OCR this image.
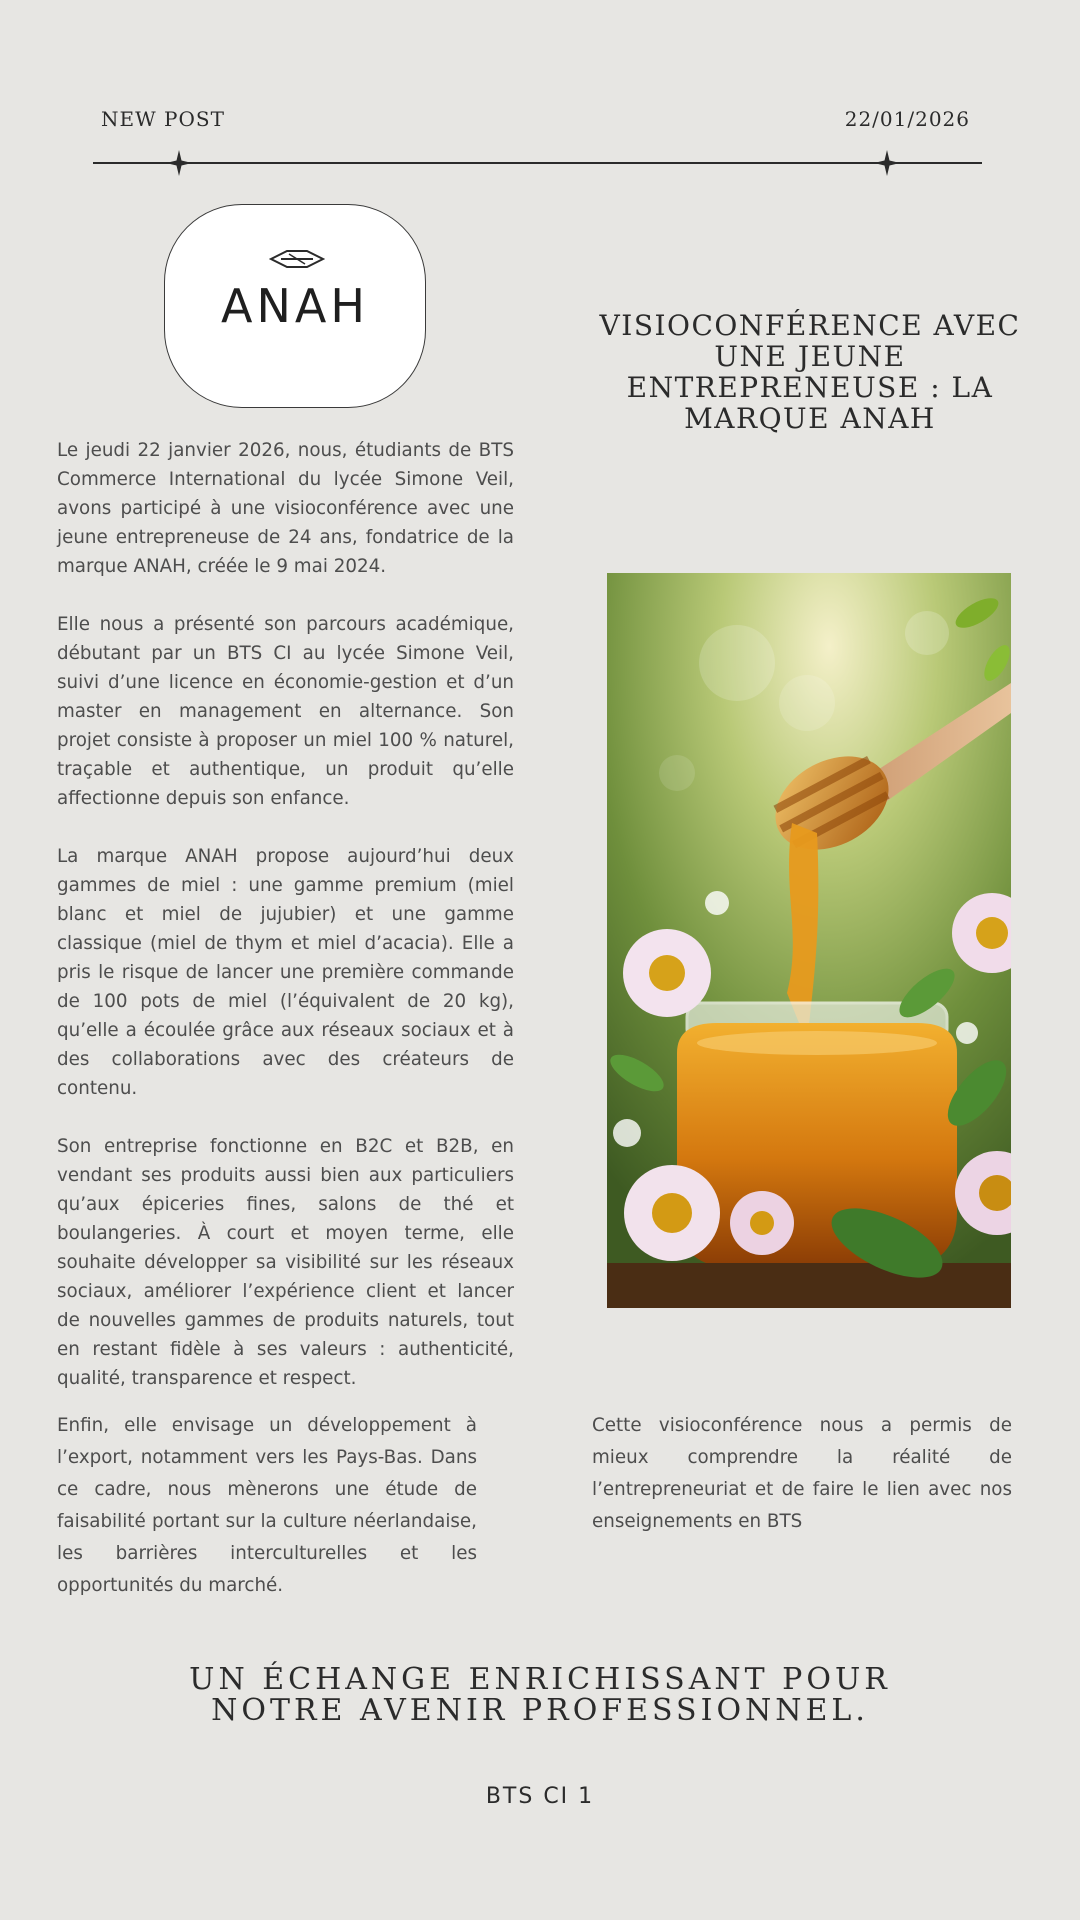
NEW POST	22/01/2026
ANAH	VISIOCONFÉRENCE AVEC UNE JEUNE ENTREPRENEUSE : LA MARQUE ANAH

Le jeudi 22 janvier 2026, nous, étudiants de BTS Commerce International du lycée Simone Veil, avons participé à une visioconférence avec une jeune entrepreneuse de 24 ans, fondatrice de la marque ANAH, créée le 9 mai 2024.

Elle nous a présenté son parcours académique, débutant par un BTS CI au lycée Simone Veil, suivi d’une licence en économie-gestion et d’un master en management en alternance. Son projet consiste à proposer un miel 100 % naturel, traçable et authentique, un produit qu’elle affectionne depuis son enfance.

La marque ANAH propose aujourd’hui deux gammes de miel : une gamme premium (miel blanc et miel de jujubier) et une gamme classique (miel de thym et miel d’acacia). Elle a pris le risque de lancer une première commande de 100 pots de miel (l’équivalent de 20 kg), qu’elle a écoulée grâce aux réseaux sociaux et à des collaborations avec des créateurs de contenu.

Son entreprise fonctionne en B2C et B2B, en vendant ses produits aussi bien aux particuliers qu’aux épiceries fines, salons de thé et boulangeries. À court et moyen terme, elle souhaite développer sa visibilité sur les réseaux sociaux, améliorer l’expérience client et lancer de nouvelles gammes de produits naturels, tout en restant fidèle à ses valeurs : authenticité, qualité, transparence et respect.

Enfin, elle envisage un développement à l’export, notamment vers les Pays-Bas. Dans ce cadre, nous mènerons une étude de faisabilité portant sur la culture néerlandaise, les barrières interculturelles et les opportunités du marché.
Cette visioconférence nous a permis de mieux comprendre la réalité de l’entrepreneuriat et de faire le lien avec nos enseignements en BTS
UN ÉCHANGE ENRICHISSANT POUR NOTRE AVENIR PROFESSIONNEL.
BTS CI 1
